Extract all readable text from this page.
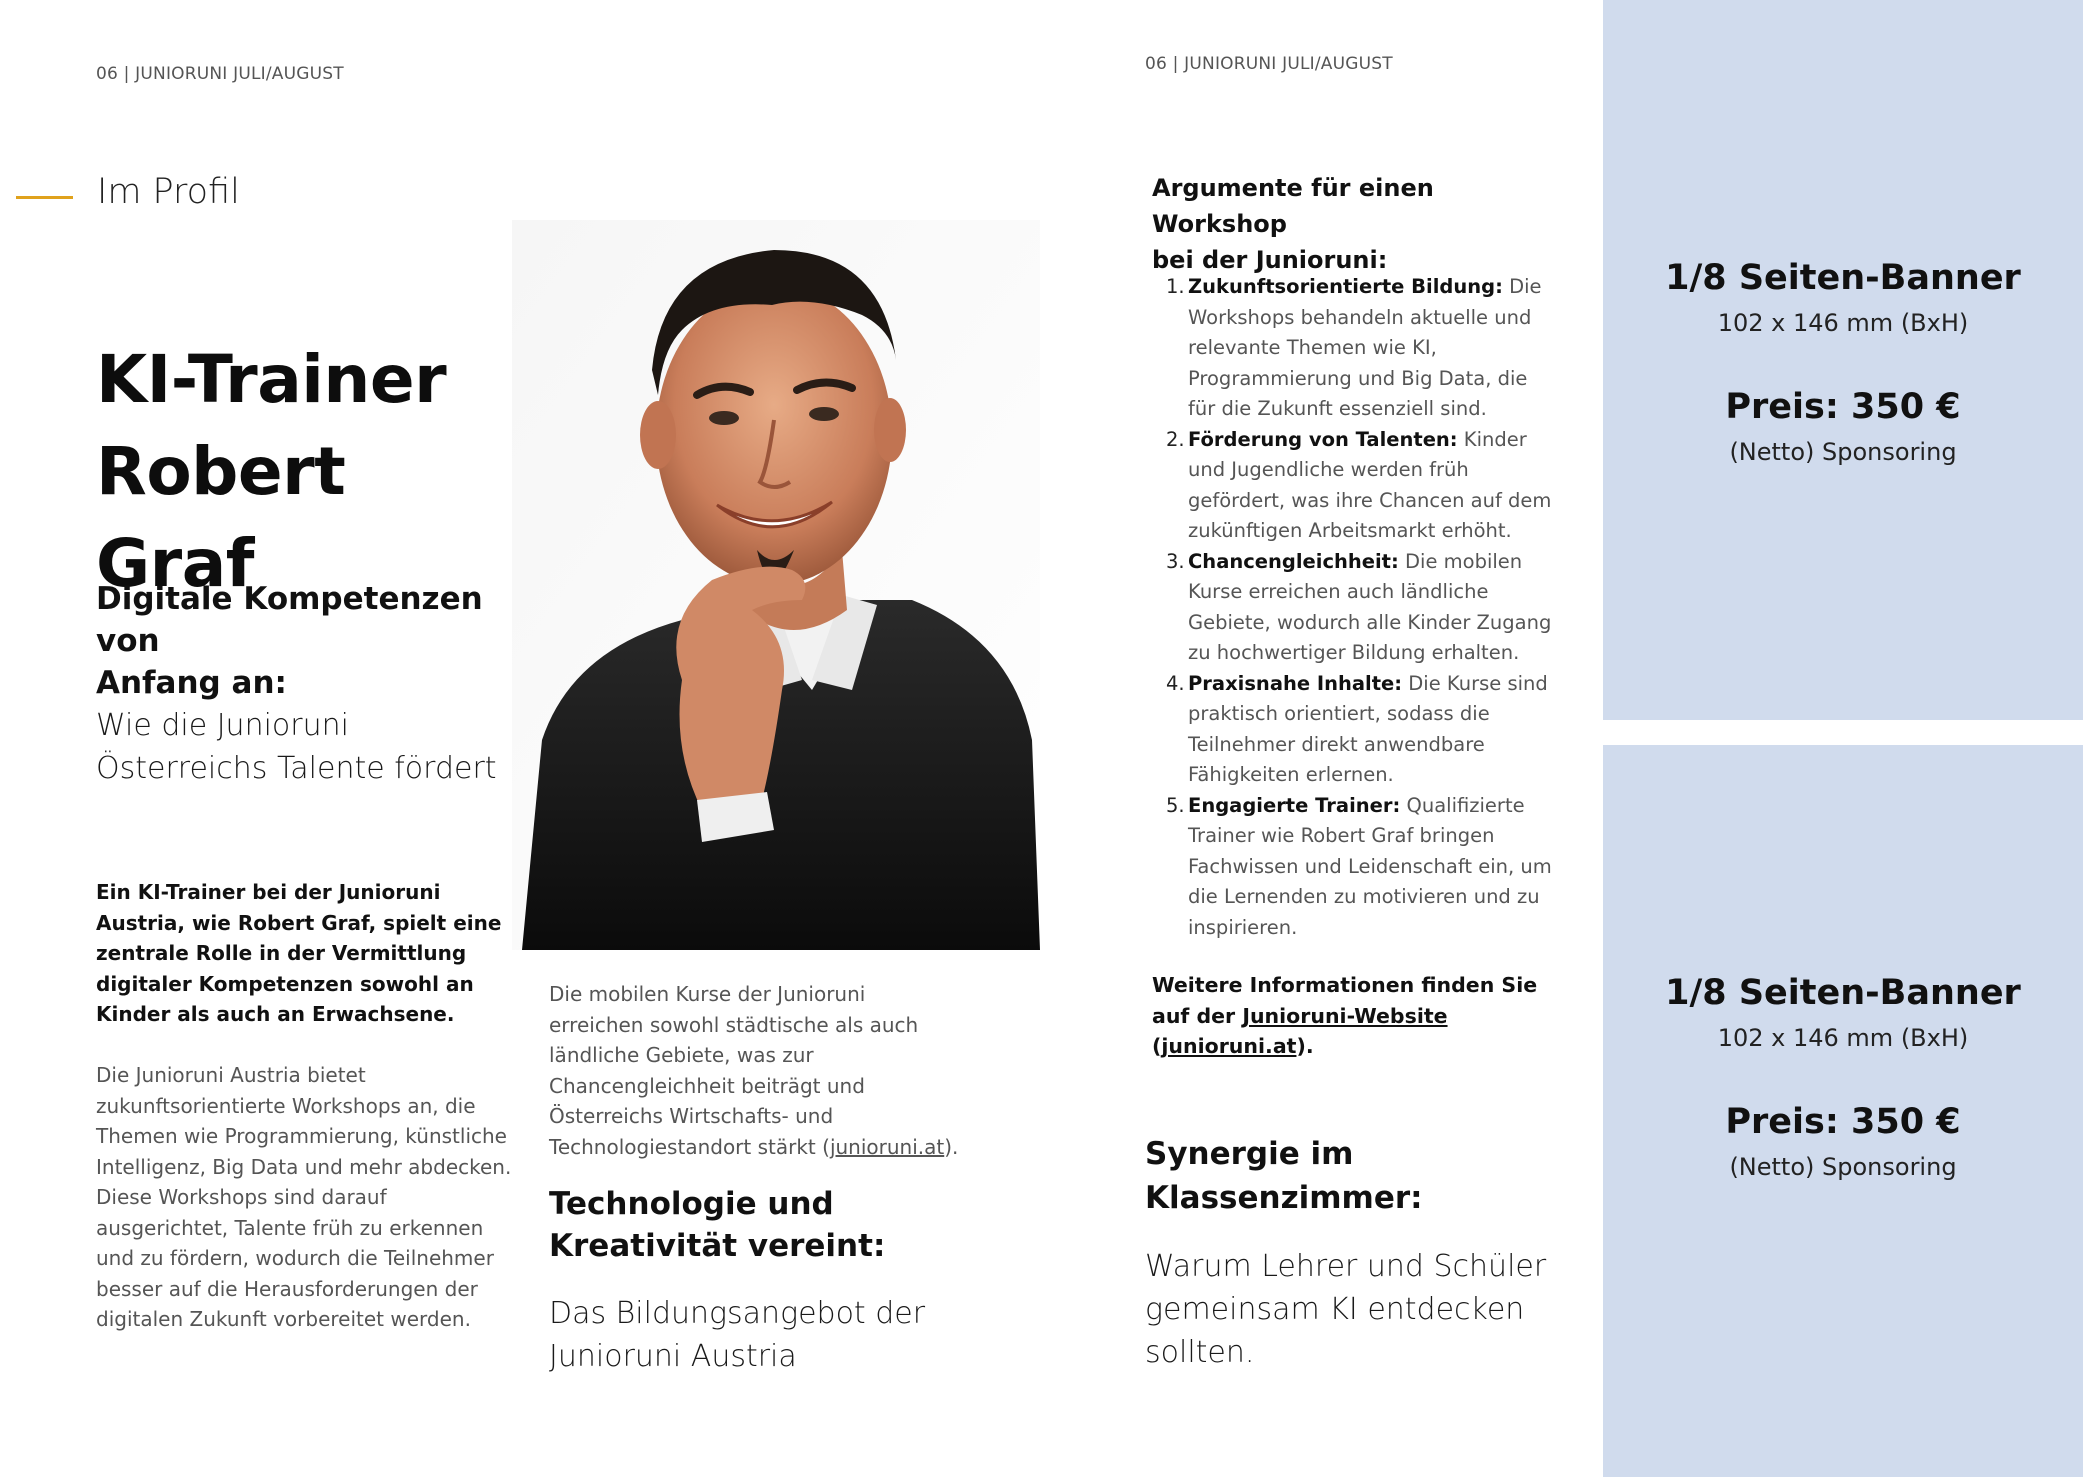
06 | JUNIORUNI JULI/AUGUST	06 | JUNIORUNI JULI/AUGUST
Im Profil
KI-Trainer
Robert Graf
Digitale Kompetenzen von
Anfang an:
Wie die Junioruni
Österreichs Talente fördert
Ein KI-Trainer bei der Junioruni
Austria, wie Robert Graf, spielt eine
zentrale Rolle in der Vermittlung
digitaler Kompetenzen sowohl an
Kinder als auch an Erwachsene.
Die Junioruni Austria bietet
zukunftsorientierte Workshops an, die
Themen wie Programmierung, künstliche
Intelligenz, Big Data und mehr abdecken.
Diese Workshops sind darauf
ausgerichtet, Talente früh zu erkennen
und zu fördern, wodurch die Teilnehmer
besser auf die Herausforderungen der
digitalen Zukunft vorbereitet werden.
Die mobilen Kurse der Junioruni
erreichen sowohl städtische als auch
ländliche Gebiete, was zur
Chancengleichheit beiträgt und
Österreichs Wirtschafts- und
Technologiestandort stärkt (junioruni.at).
Technologie und
Kreativität vereint:
Das Bildungsangebot der
Junioruni Austria
Argumente für einen Workshop
bei der Junioruni:
1. Zukunftsorientierte Bildung: Die
Workshops behandeln aktuelle und
relevante Themen wie KI,
Programmierung und Big Data, die
für die Zukunft essenziell sind.
2. Förderung von Talenten: Kinder
und Jugendliche werden früh
gefördert, was ihre Chancen auf dem
zukünftigen Arbeitsmarkt erhöht.
3. Chancengleichheit: Die mobilen
Kurse erreichen auch ländliche
Gebiete, wodurch alle Kinder Zugang
zu hochwertiger Bildung erhalten.
4. Praxisnahe Inhalte: Die Kurse sind
praktisch orientiert, sodass die
Teilnehmer direkt anwendbare
Fähigkeiten erlernen.
5. Engagierte Trainer: Qualifizierte
Trainer wie Robert Graf bringen
Fachwissen und Leidenschaft ein, um
die Lernenden zu motivieren und zu
inspirieren.
Weitere Informationen finden Sie
auf der Junioruni-Website
(junioruni.at).
Synergie im
Klassenzimmer:
Warum Lehrer und Schüler
gemeinsam KI entdecken
sollten.
1/8 Seiten-Banner
102 x 146 mm (BxH)
Preis: 350 €
(Netto) Sponsoring
1/8 Seiten-Banner
102 x 146 mm (BxH)
Preis: 350 €
(Netto) Sponsoring
